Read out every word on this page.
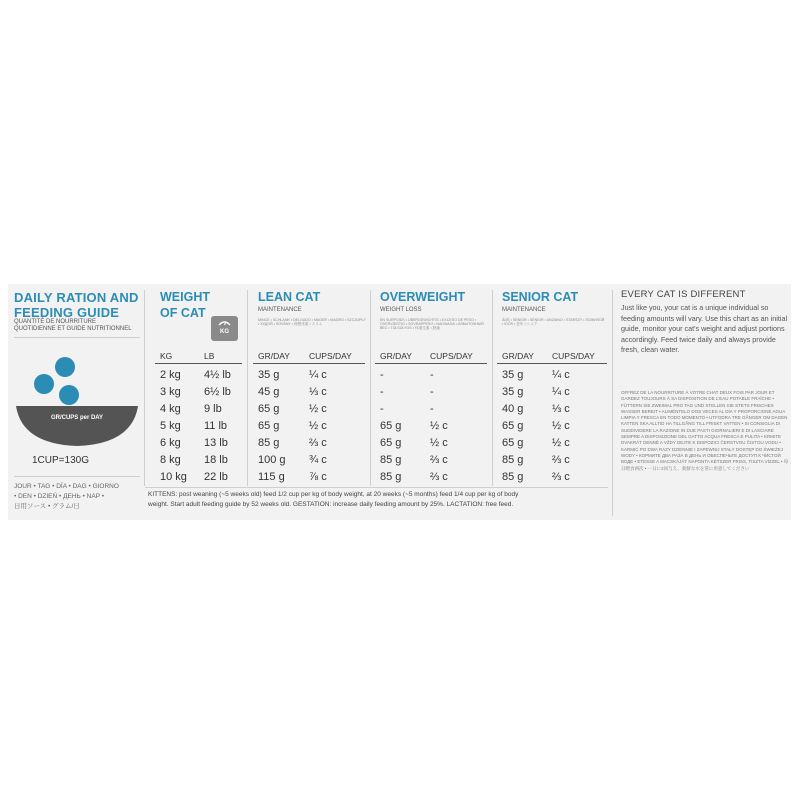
DAILY RATION AND
FEEDING GUIDE
QUANTITÉ DE NOURRITURE
QUOTIDIENNE ET GUIDE NUTRITIONNEL
GR/CUPS per DAY
1CUP=130G
JOUR • TAG • DÍA • DAG • GIORNO
• DEN • DZIEŃ • ДЕНЬ • NAP •
日用ソース • グラム/日
WEIGHT
OF CAT
KG
LEAN CAT
MAINTENANCE
MINCE • SCHLANK • DELGADO • MAGER • MAGRO • SZCZUPŁY • ХУДОЙ • SOVÁNY • 理想体重 • スリム
OVERWEIGHT
WEIGHT LOSS
EN SURPOIDS • ÜBERGEWICHTIG • EXCESO DE PESO • OVERVÆGTIG • SOVRAPPESO • NADWAGA • ИЗБЫТОЧНЫЙ ВЕС • TÚLSÚLYOS • 体重过重 • 肥満
SENIOR CAT
MAINTENANCE
ÂGÉ • SENIOR • SÉNIOR • ANZIANO • STARSZY • ПОЖИЛОЙ • IDŐS • 老年 • シニア
KG	LB	GR/DAY CUPS/DAY	GR/DAY CUPS/DAY	GR/DAY CUPS/DAY
2 kg 4½ lb 35 g	¼ c	-	-	35 g	¼ c
3 kg 6½ lb 45 g	⅓ c	-	-	35 g	¼ c
4 kg 9 lb	65 g	½ c	-	-	40 g	⅓ c
5 kg 11 lb	65 g	½ c	65 g	½ c	65 g	½ c
6 kg 13 lb	85 g	⅔ c	65 g	½ c	65 g	½ c
8 kg 18 lb	100 g ¾ c	85 g	⅔ c	85 g	⅔ c
10 kg 22 lb	115 g ⅞ c	85 g	⅔ c	85 g	⅔ c
KITTENS: post weaning (~5 weeks old) feed 1/2 cup per kg of body weight, at 20 weeks (~5 months) feed 1/4 cup per kg of body
weight. Start adult feeding guide by 52 weeks old. GESTATION: increase daily feeding amount by 25%. LACTATION: free feed.
EVERY CAT IS DIFFERENT
Just like you, your cat is a unique individual so feeding amounts will vary. Use this chart as an initial guide, monitor your cat's weight and adjust portions accordingly. Feed twice daily and always provide fresh, clean water.
OFFREZ DE LA NOURRITURE À VOTRE CHAT DEUX FOIS PAR JOUR ET GARDEZ TOUJOURS À SA DISPOSITION DE L'EAU POTABLE FRAÎCHE • FÜTTERN SIE ZWEIMAL PRO TAG UND STELLEN SIE STETS FRISCHES WASSER BEREIT • ALIMÉNTELO DOS VECES AL DÍA Y PROPORCIONE AGUA LIMPIA Y FRESCA EN TODO MOMENTO • UTFODRA TRE GÅNGER OM DAGEN KATTEN SKA ALLTID HA TILLGÅNG TILL FRISKT VATTEN • SI CONSIGLIA DI SUDDIVIDERE LA RAZIONE IN DUE PASTI GIORNALIERI E DI LASCIARE SEMPRE A DISPOSIZIONE DEL GATTO ACQUA FRESCA E PULITA • KRMITE DVAKRÁT DENNĚ A VŽDY DEJTE K DISPOZICI ČERSTVOU ČISTOU VODU • KARMIĆ PO DWA RAZY DZIENNIE I ZAPEWNIJ STAŁY DOSTĘP DO ŚWIEŻEJ WODY • КОРМИТЕ ДВА РАЗА В ДЕНЬ И ОБЕСПЕЧЬТЕ ДОСТУП К ЧИСТОЙ ВОДЕ • ETESSE A MACSKÁJÁT NAPONTA KÉTSZER FRISS, TISZTA VÍZZEL • 每日喂食两次 • 一日に2回与え、新鮮な水を常に用意してください
